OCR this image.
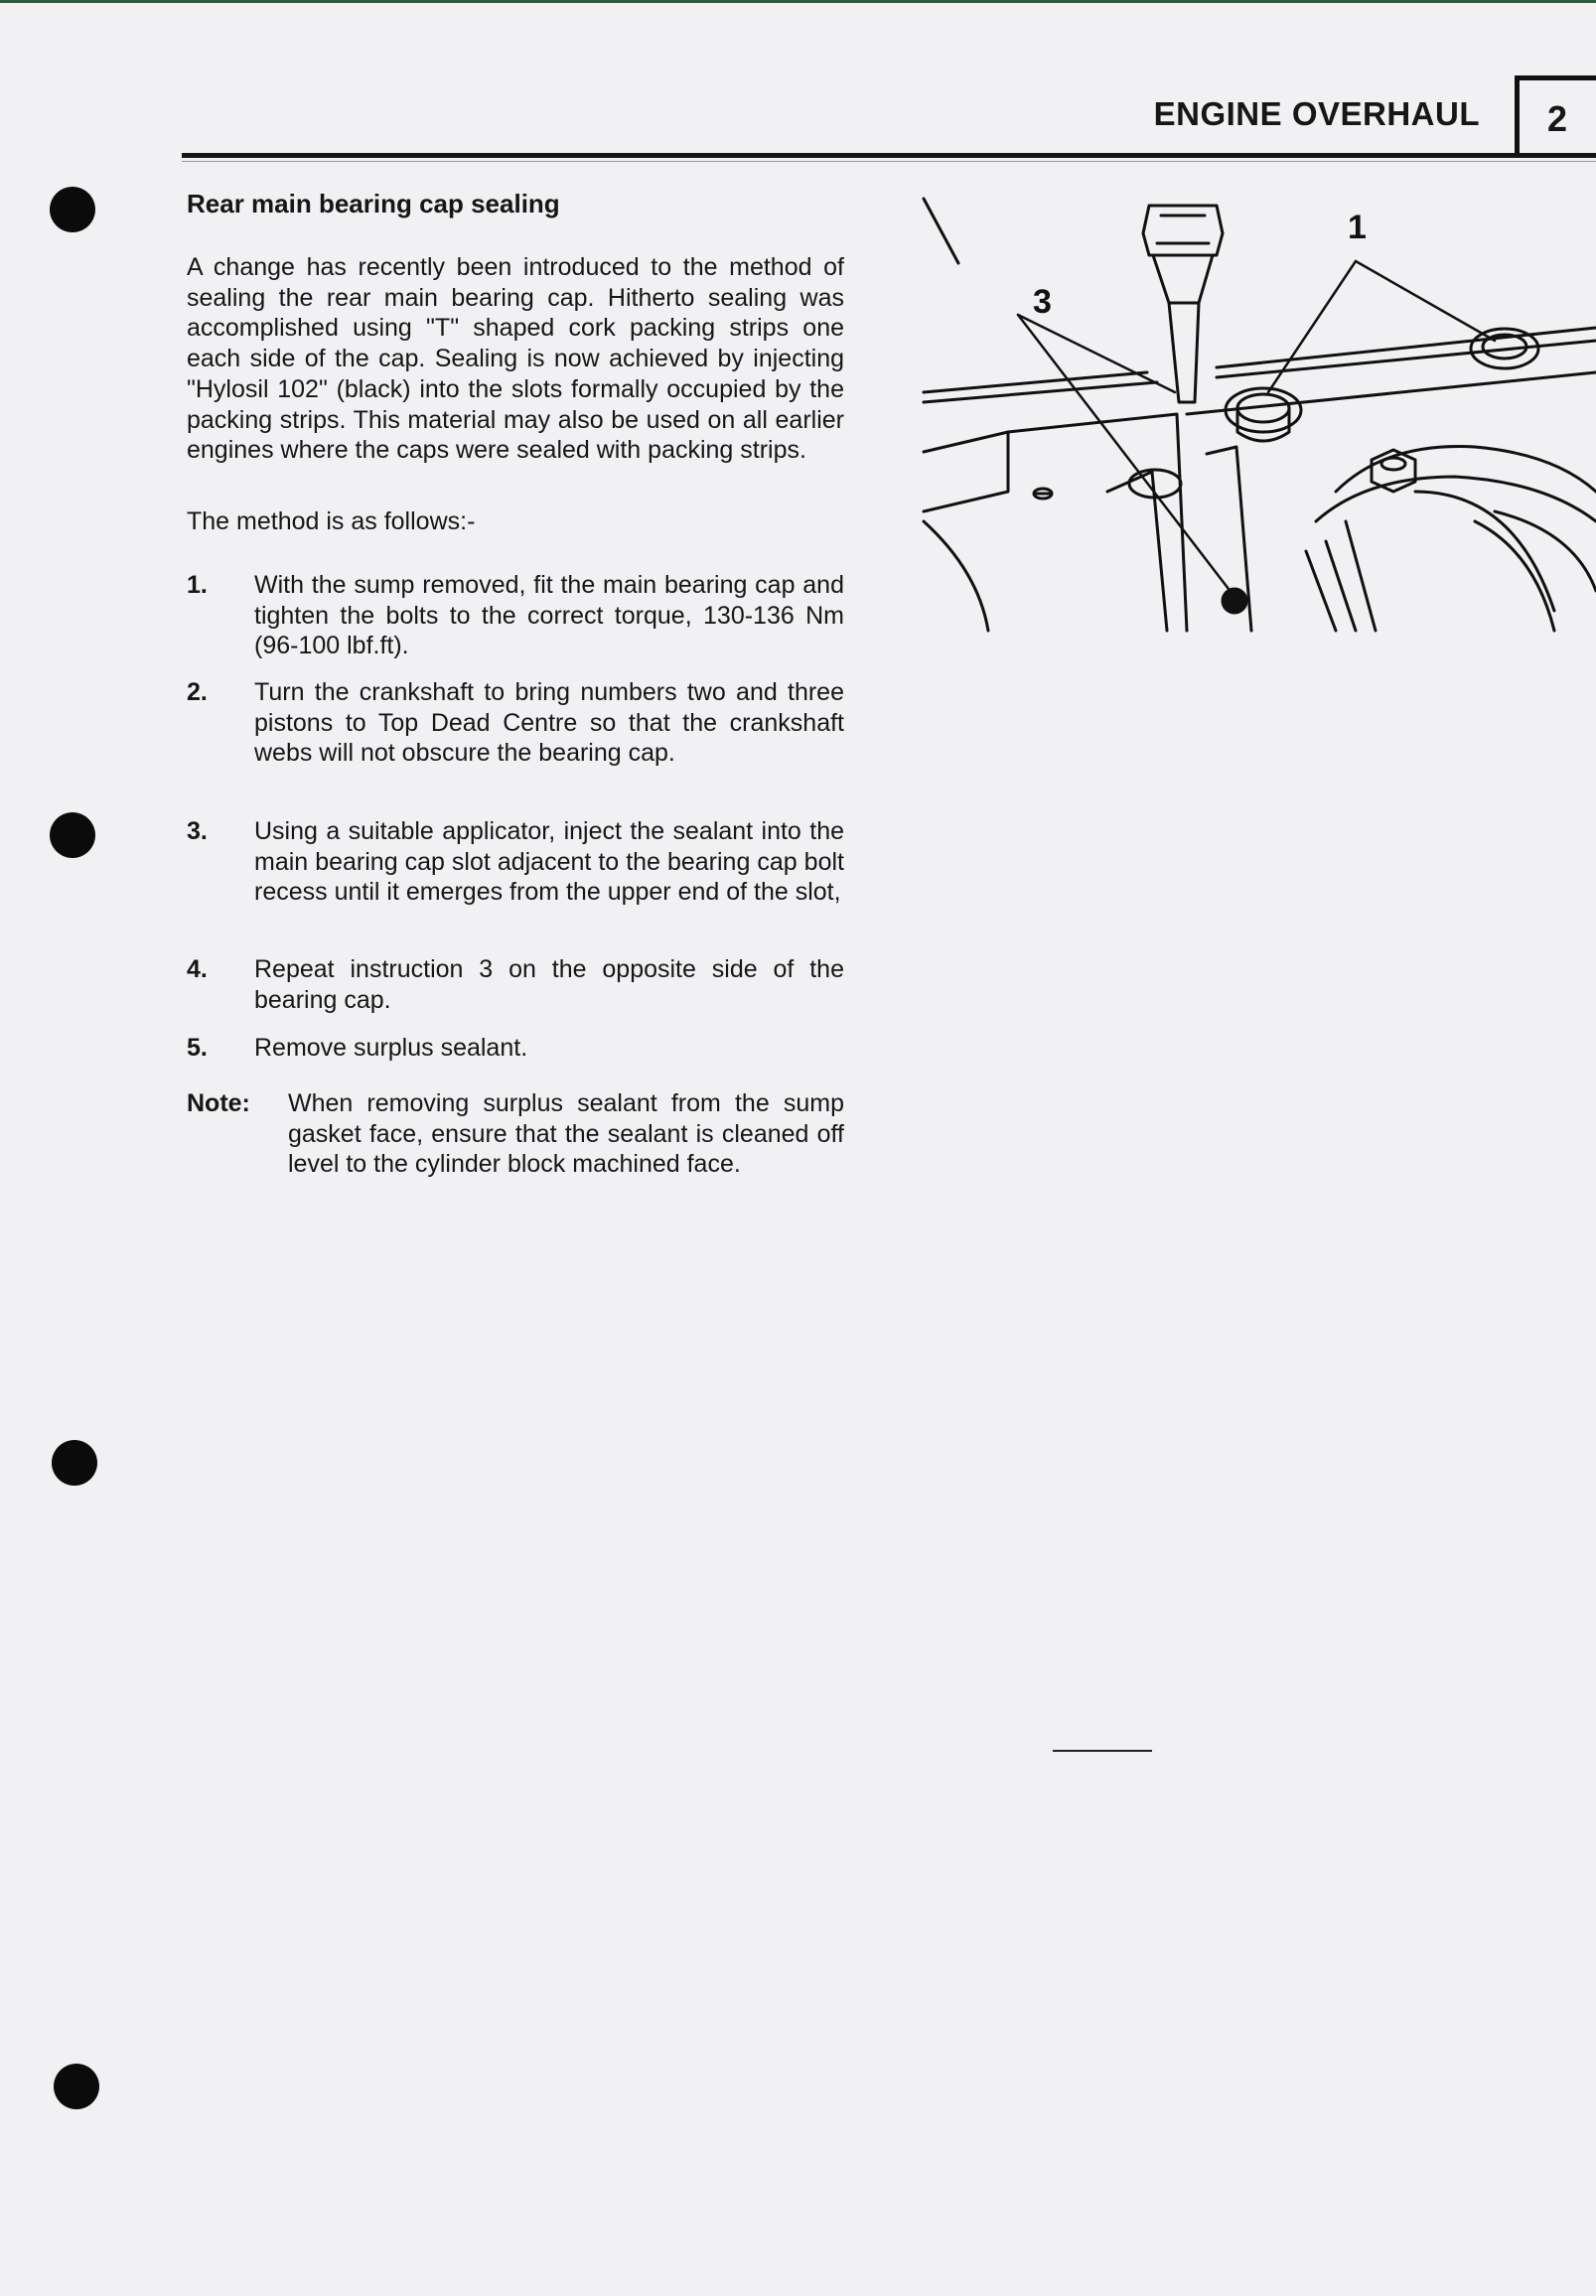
ENGINE OVERHAUL	2
Rear main bearing cap sealing
A change has recently been introduced to the method of sealing the rear main bearing cap. Hitherto sealing was accomplished using "T" shaped cork packing strips one each side of the cap. Sealing is now achieved by injecting "Hylosil 102" (black) into the slots formally occupied by the packing strips. This material may also be used on all earlier engines where the caps were sealed with packing strips.
The method is as follows:-
1. With the sump removed, fit the main bearing cap and tighten the bolts to the correct torque, 130-136 Nm (96-100 lbf.ft).
2. Turn the crankshaft to bring numbers two and three pistons to Top Dead Centre so that the crankshaft webs will not obscure the bearing cap.
3. Using a suitable applicator, inject the sealant into the main bearing cap slot adjacent to the bearing cap bolt recess until it emerges from the upper end of the slot,
4. Repeat instruction 3 on the opposite side of the bearing cap.
5. Remove surplus sealant.
Note: When removing surplus sealant from the sump gasket face, ensure that the sealant is cleaned off level to the cylinder block machined face.
1
3
